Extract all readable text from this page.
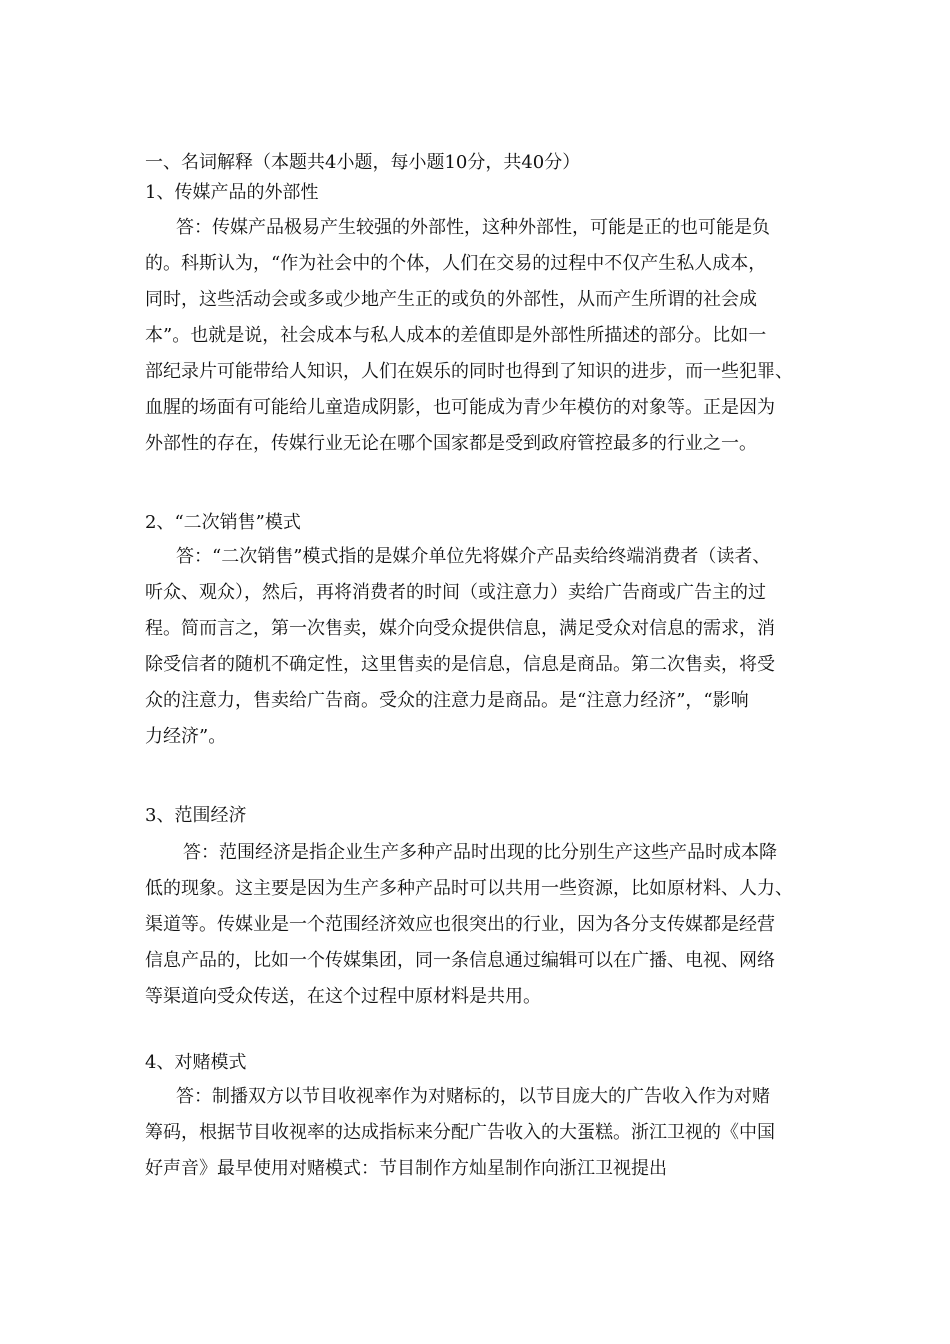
一、名词解释（本题共4小题，每小题10分，共40分）
1、传媒产品的外部性
答：传媒产品极易产生较强的外部性，这种外部性，可能是正的也可能是负
的。科斯认为，“作为社会中的个体，人们在交易的过程中不仅产生私人成本，
同时，这些活动会或多或少地产生正的或负的外部性，从而产生所谓的社会成
本”。也就是说，社会成本与私人成本的差值即是外部性所描述的部分。比如一
部纪录片可能带给人知识，人们在娱乐的同时也得到了知识的进步，而一些犯罪、
血腥的场面有可能给儿童造成阴影，也可能成为青少年模仿的对象等。正是因为
外部性的存在，传媒行业无论在哪个国家都是受到政府管控最多的行业之一。
2、“二次销售”模式
答：“二次销售”模式指的是媒介单位先将媒介产品卖给终端消费者（读者、
听众、观众），然后，再将消费者的时间（或注意力）卖给广告商或广告主的过
程。简而言之，第一次售卖，媒介向受众提供信息，满足受众对信息的需求，消
除受信者的随机不确定性，这里售卖的是信息，信息是商品。第二次售卖，将受
众的注意力，售卖给广告商。受众的注意力是商品。是“注意力经济”，“影响
力经济”。
3、范围经济
答：范围经济是指企业生产多种产品时出现的比分别生产这些产品时成本降
低的现象。这主要是因为生产多种产品时可以共用一些资源，比如原材料、人力、
渠道等。传媒业是一个范围经济效应也很突出的行业，因为各分支传媒都是经营
信息产品的，比如一个传媒集团，同一条信息通过编辑可以在广播、电视、网络
等渠道向受众传送，在这个过程中原材料是共用。
4、对赌模式
答：制播双方以节目收视率作为对赌标的，以节目庞大的广告收入作为对赌
筹码，根据节目收视率的达成指标来分配广告收入的大蛋糕。浙江卫视的《中国
好声音》最早使用对赌模式：节目制作方灿星制作向浙江卫视提出
